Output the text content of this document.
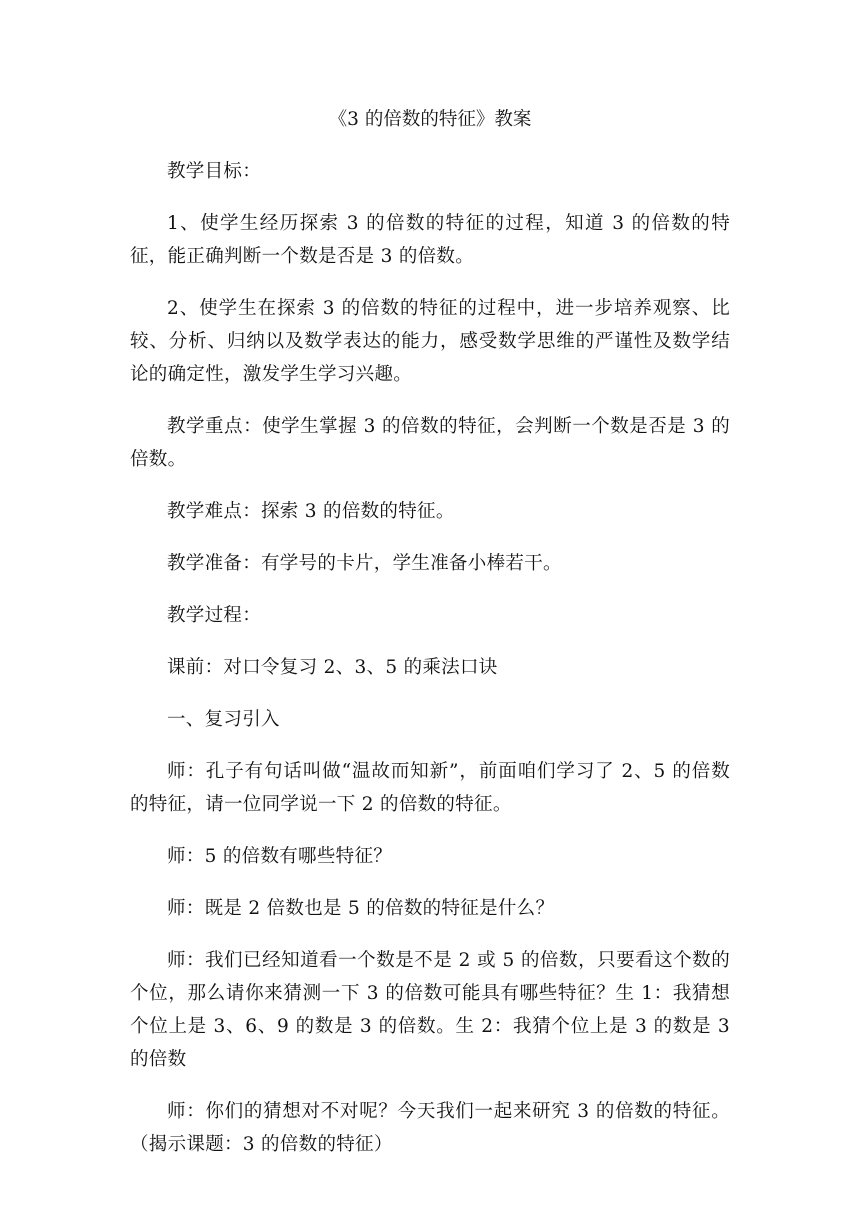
《3 的倍数的特征》教案

教学目标：

1、使学生经历探索 3 的倍数的特征的过程，知道 3 的倍数的特征，能正确判断一个数是否是 3 的倍数。

2、使学生在探索 3 的倍数的特征的过程中，进一步培养观察、比较、分析、归纳以及数学表达的能力，感受数学思维的严谨性及数学结论的确定性，激发学生学习兴趣。

教学重点：使学生掌握 3 的倍数的特征，会判断一个数是否是 3 的倍数。

教学难点：探索 3 的倍数的特征。

教学准备：有学号的卡片，学生准备小棒若干。

教学过程：

课前：对口令复习 2、3、5 的乘法口诀

一、复习引入

师：孔子有句话叫做“温故而知新”，前面咱们学习了 2、5 的倍数的特征，请一位同学说一下 2 的倍数的特征。

师：5 的倍数有哪些特征？

师：既是 2 倍数也是 5 的倍数的特征是什么？

师：我们已经知道看一个数是不是 2 或 5 的倍数，只要看这个数的个位，那么请你来猜测一下 3 的倍数可能具有哪些特征？生 1：我猜想个位上是 3、6、9 的数是 3 的倍数。生 2：我猜个位上是 3 的数是 3 的倍数

师：你们的猜想对不对呢？今天我们一起来研究 3 的倍数的特征。（揭示课题：3 的倍数的特征）
